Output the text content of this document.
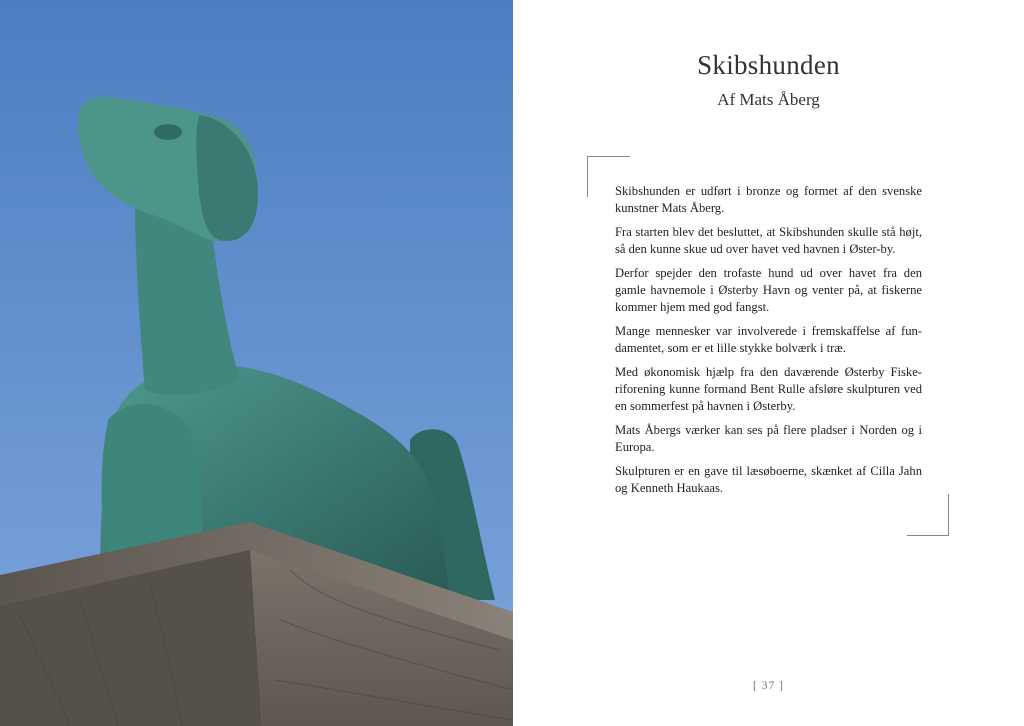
Skibshunden
Af Mats Åberg

Skibshunden er udført i bronze og formet af den svenske kunstner Mats Åberg.

Fra starten blev det besluttet, at Skibshunden skulle stå højt, så den kunne skue ud over havet ved havnen i Øster-by.

Derfor spejder den trofaste hund ud over havet fra den gamle havnemole i Østerby Havn og venter på, at fiskerne kommer hjem med god fangst.

Mange mennesker var involverede i fremskaffelse af fun-damentet, som er et lille stykke bolværk i træ.

Med økonomisk hjælp fra den daværende Østerby Fiske-riforening kunne formand Bent Rulle afsløre skulpturen ved en sommerfest på havnen i Østerby.

Mats Åbergs værker kan ses på flere pladser i Norden og i Europa.

Skulpturen er en gave til læsøboerne, skænket af Cilla Jahn og Kenneth Haukaas.

[ 37 ]
